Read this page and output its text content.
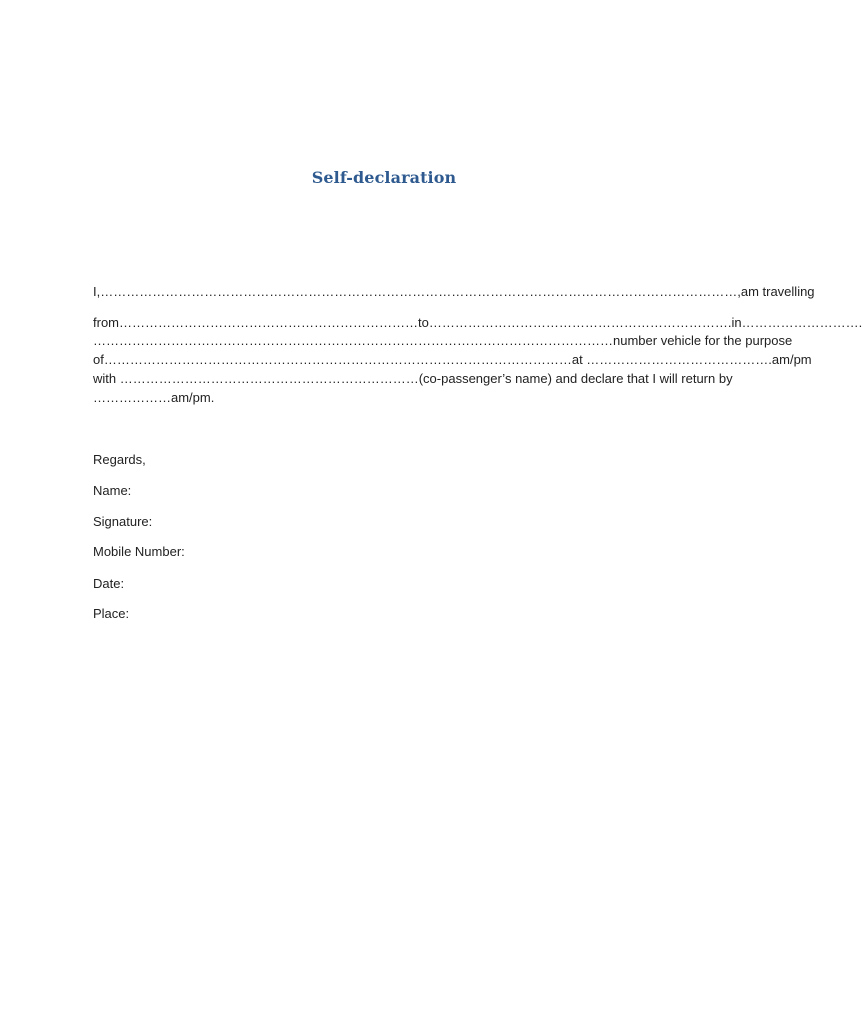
Self-declaration
I,…………………………………………………………………………………………………………………………………, am travelling
from……………………………………………………………to…………………………………………………………….in……………………….
…………………………………………………………………………………………………………number vehicle for the purpose
of………………………………………………………………………………………………at …………………………………….am/pm
with ……………………………………………………………(co-passenger’s name) and declare that I will return by
………………am/pm.
Regards,
Name:
Signature:
Mobile Number:
Date:
Place:
